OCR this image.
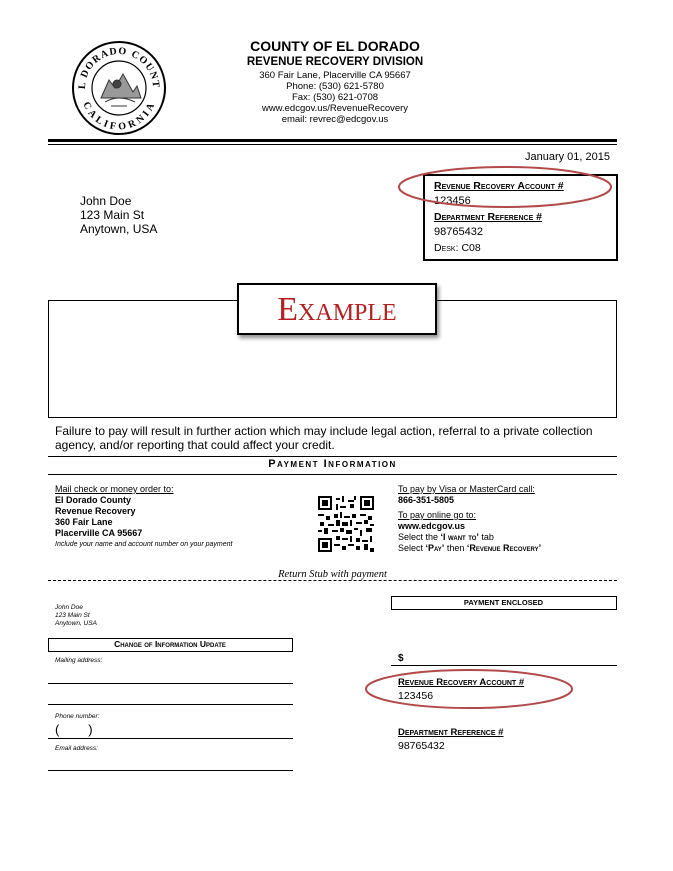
L DORADO COUNT
CALIFORNIA
COUNTY OF EL DORADO
REVENUE RECOVERY DIVISION
360 Fair Lane, Placerville CA 95667
Phone: (530) 621-5780
Fax: (530) 621-0708
www.edcgov.us/RevenueRecovery
email: revrec@edcgov.us
January 01, 2015
John Doe
123 Main St
Anytown, USA
Revenue Recovery Account #
123456
Department Reference #
98765432
Desk: C08
Example
Failure to pay will result in further action which may include legal action, referral to a private collection agency, and/or reporting that could affect your credit.
Payment Information
Mail check or money order to:
El Dorado County
Revenue Recovery
360 Fair Lane
Placerville CA 95667
Include your name and account number on your payment
To pay by Visa or MasterCard call:
866-351-5805
To pay online go to:
www.edcgov.us
Select the ‘I want to’ tab
Select ‘Pay’ then ‘Revenue Recovery’
Return Stub with payment
John Doe
123 Main St
Anytown, USA
Change of Information Update
Mailing address:
Phone number:
(        )
Email address:
PAYMENT ENCLOSED
$
Revenue Recovery Account #
123456
Department Reference #
98765432
